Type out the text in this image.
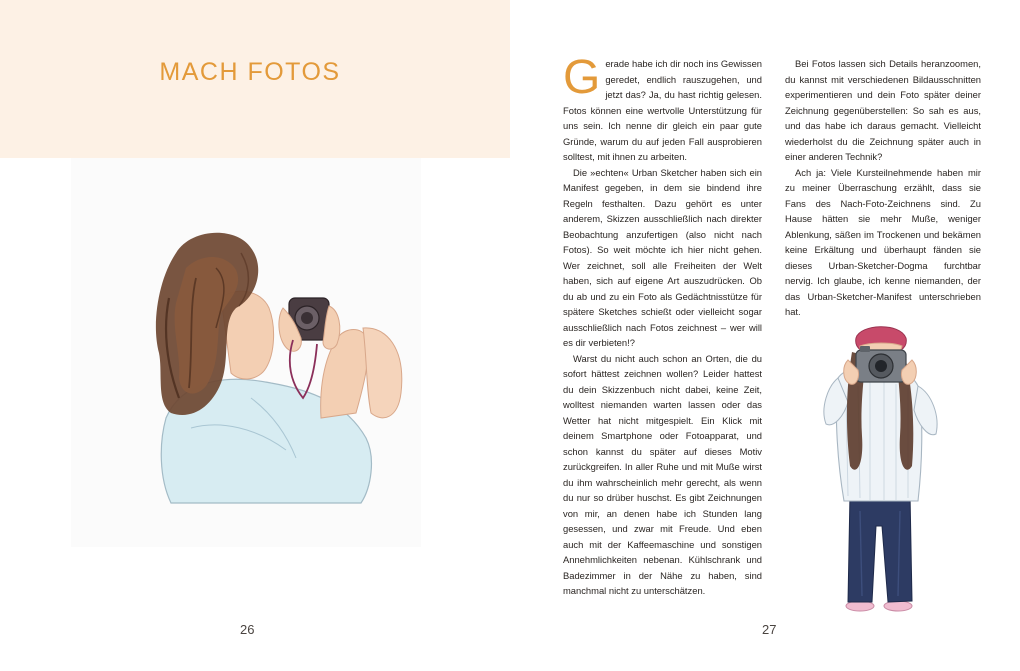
MACH FOTOS

26

Gerade habe ich dir noch ins Gewissen geredet, endlich rauszugehen, und jetzt das? Ja, du hast richtig gelesen. Fotos können eine wertvolle Unterstützung für uns sein. Ich nenne dir gleich ein paar gute Gründe, warum du auf jeden Fall ausprobieren solltest, mit ihnen zu arbeiten.

Die »echten« Urban Sketcher haben sich ein Manifest gegeben, in dem sie bindend ihre Regeln festhalten. Dazu gehört es unter anderem, Skizzen ausschließlich nach direkter Beobachtung anzufertigen (also nicht nach Fotos). So weit möchte ich hier nicht gehen. Wer zeichnet, soll alle Freiheiten der Welt haben, sich auf eigene Art auszudrücken. Ob du ab und zu ein Foto als Gedächtnisstütze für spätere Sketches schießt oder vielleicht sogar ausschließlich nach Fotos zeichnest – wer will es dir verbieten!?

Warst du nicht auch schon an Orten, die du sofort hättest zeichnen wollen? Leider hattest du dein Skizzenbuch nicht dabei, keine Zeit, wolltest niemanden warten lassen oder das Wetter hat nicht mitgespielt. Ein Klick mit deinem Smartphone oder Fotoapparat, und schon kannst du später auf dieses Motiv zurückgreifen. In aller Ruhe und mit Muße wirst du ihm wahrscheinlich mehr gerecht, als wenn du nur so drüber huschst. Es gibt Zeichnungen von mir, an denen habe ich Stunden lang gesessen, und zwar mit Freude. Und eben auch mit der Kaffeemaschine und sonstigen Annehmlichkeiten nebenan. Kühlschrank und Badezimmer in der Nähe zu haben, sind manchmal nicht zu unterschätzen.

Bei Fotos lassen sich Details heranzoomen, du kannst mit verschiedenen Bildausschnitten experimentieren und dein Foto später deiner Zeichnung gegenüberstellen: So sah es aus, und das habe ich daraus gemacht. Vielleicht wiederholst du die Zeichnung später auch in einer anderen Technik?

Ach ja: Viele Kursteilnehmende haben mir zu meiner Überraschung erzählt, dass sie Fans des Nach-Foto-Zeichnens sind. Zu Hause hätten sie mehr Muße, weniger Ablenkung, säßen im Trockenen und bekämen keine Erkältung und überhaupt fänden sie dieses Urban-Sketcher-Dogma furchtbar nervig. Ich glaube, ich kenne niemanden, der das Urban-Sketcher-Manifest unterschrieben hat.

27
